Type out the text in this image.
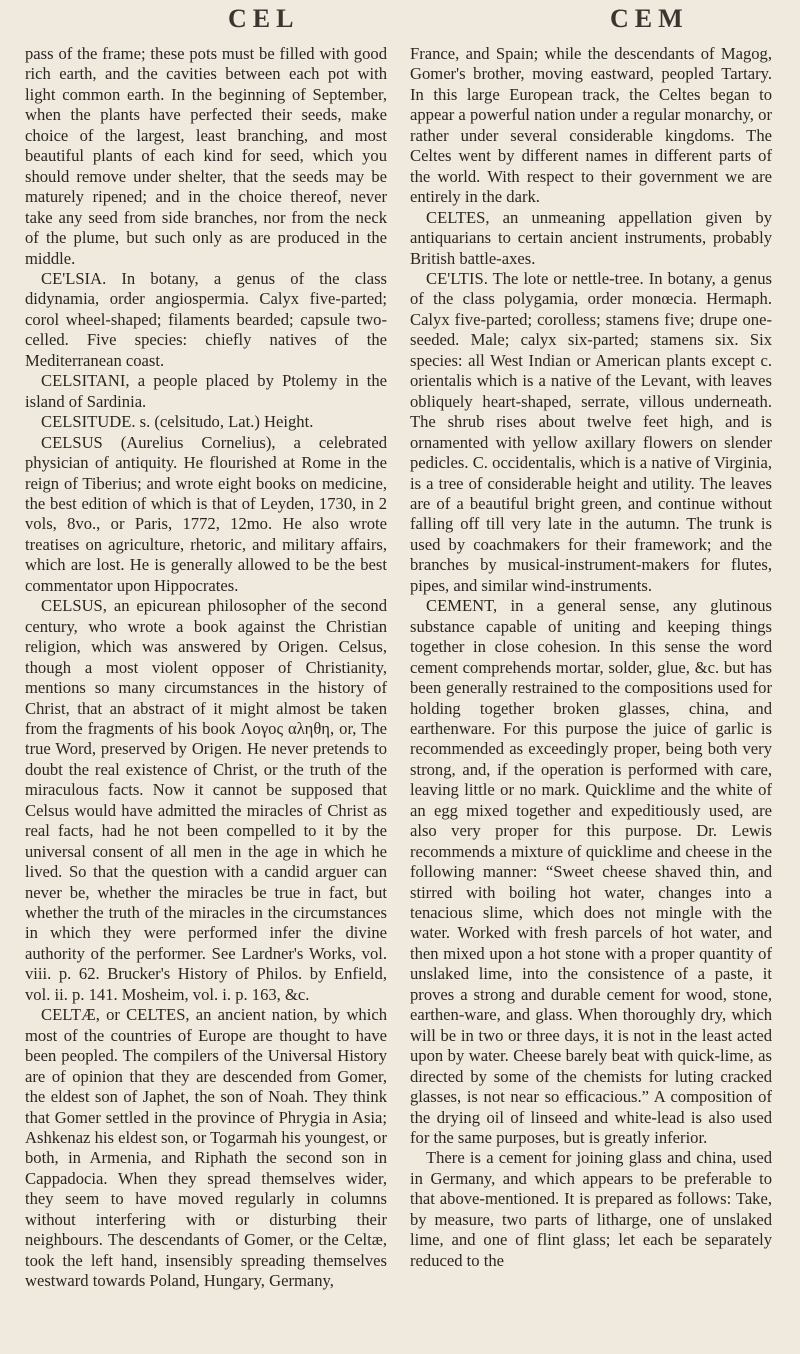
CEL	CEM

pass of the frame; these pots must be filled with good rich earth, and the cavities between each pot with light common earth. In the beginning of September, when the plants have perfected their seeds, make choice of the largest, least branching, and most beautiful plants of each kind for seed, which you should remove under shelter, that the seeds may be maturely ripened; and in the choice thereof, never take any seed from side branches, nor from the neck of the plume, but such only as are produced in the middle.

CE'LSIA. In botany, a genus of the class didynamia, order angiospermia. Calyx five-parted; corol wheel-shaped; filaments bearded; capsule two-celled. Five species: chiefly natives of the Mediterranean coast.

CELSITANI, a people placed by Ptolemy in the island of Sardinia.

CELSITUDE. s. (celsitudo, Lat.) Height.

CELSUS (Aurelius Cornelius), a celebrated physician of antiquity. He flourished at Rome in the reign of Tiberius; and wrote eight books on medicine, the best edition of which is that of Leyden, 1730, in 2 vols, 8vo., or Paris, 1772, 12mo. He also wrote treatises on agriculture, rhetoric, and military affairs, which are lost. He is generally allowed to be the best commentator upon Hippocrates.

CELSUS, an epicurean philosopher of the second century, who wrote a book against the Christian religion, which was answered by Origen. Celsus, though a most violent opposer of Christianity, mentions so many circumstances in the history of Christ, that an abstract of it might almost be taken from the fragments of his book Λογος αληθη, or, The true Word, preserved by Origen. He never pretends to doubt the real existence of Christ, or the truth of the miraculous facts. Now it cannot be supposed that Celsus would have admitted the miracles of Christ as real facts, had he not been compelled to it by the universal consent of all men in the age in which he lived. So that the question with a candid arguer can never be, whether the miracles be true in fact, but whether the truth of the miracles in the circumstances in which they were performed infer the divine authority of the performer. See Lardner's Works, vol. viii. p. 62. Brucker's History of Philos. by Enfield, vol. ii. p. 141. Mosheim, vol. i. p. 163, &c.

CELTÆ, or CELTES, an ancient nation, by which most of the countries of Europe are thought to have been peopled. The compilers of the Universal History are of opinion that they are descended from Gomer, the eldest son of Japhet, the son of Noah. They think that Gomer settled in the province of Phrygia in Asia; Ashkenaz his eldest son, or Togarmah his youngest, or both, in Armenia, and Riphath the second son in Cappadocia. When they spread themselves wider, they seem to have moved regularly in columns without interfering with or disturbing their neighbours. The descendants of Gomer, or the Celtæ, took the left hand, insensibly spreading themselves westward towards Poland, Hungary, Germany,

France, and Spain; while the descendants of Magog, Gomer's brother, moving eastward, peopled Tartary. In this large European track, the Celtes began to appear a powerful nation under a regular monarchy, or rather under several considerable kingdoms. The Celtes went by different names in different parts of the world. With respect to their government we are entirely in the dark.

CELTES, an unmeaning appellation given by antiquarians to certain ancient instruments, probably British battle-axes.

CE'LTIS. The lote or nettle-tree. In botany, a genus of the class polygamia, order monœcia. Hermaph. Calyx five-parted; corolless; stamens five; drupe one-seeded. Male; calyx six-parted; stamens six. Six species: all West Indian or American plants except c. orientalis which is a native of the Levant, with leaves obliquely heart-shaped, serrate, villous underneath. The shrub rises about twelve feet high, and is ornamented with yellow axillary flowers on slender pedicles. C. occidentalis, which is a native of Virginia, is a tree of considerable height and utility. The leaves are of a beautiful bright green, and continue without falling off till very late in the autumn. The trunk is used by coachmakers for their framework; and the branches by musical-instrument-makers for flutes, pipes, and similar wind-instruments.

CEMENT, in a general sense, any glutinous substance capable of uniting and keeping things together in close cohesion. In this sense the word cement comprehends mortar, solder, glue, &c. but has been generally restrained to the compositions used for holding together broken glasses, china, and earthenware. For this purpose the juice of garlic is recommended as exceedingly proper, being both very strong, and, if the operation is performed with care, leaving little or no mark. Quicklime and the white of an egg mixed together and expeditiously used, are also very proper for this purpose. Dr. Lewis recommends a mixture of quicklime and cheese in the following manner: “Sweet cheese shaved thin, and stirred with boiling hot water, changes into a tenacious slime, which does not mingle with the water. Worked with fresh parcels of hot water, and then mixed upon a hot stone with a proper quantity of unslaked lime, into the consistence of a paste, it proves a strong and durable cement for wood, stone, earthen-ware, and glass. When thoroughly dry, which will be in two or three days, it is not in the least acted upon by water. Cheese barely beat with quick-lime, as directed by some of the chemists for luting cracked glasses, is not near so efficacious.” A composition of the drying oil of linseed and white-lead is also used for the same purposes, but is greatly inferior.

There is a cement for joining glass and china, used in Germany, and which appears to be preferable to that above-mentioned. It is prepared as follows: Take, by measure, two parts of litharge, one of unslaked lime, and one of flint glass; let each be separately reduced to the
